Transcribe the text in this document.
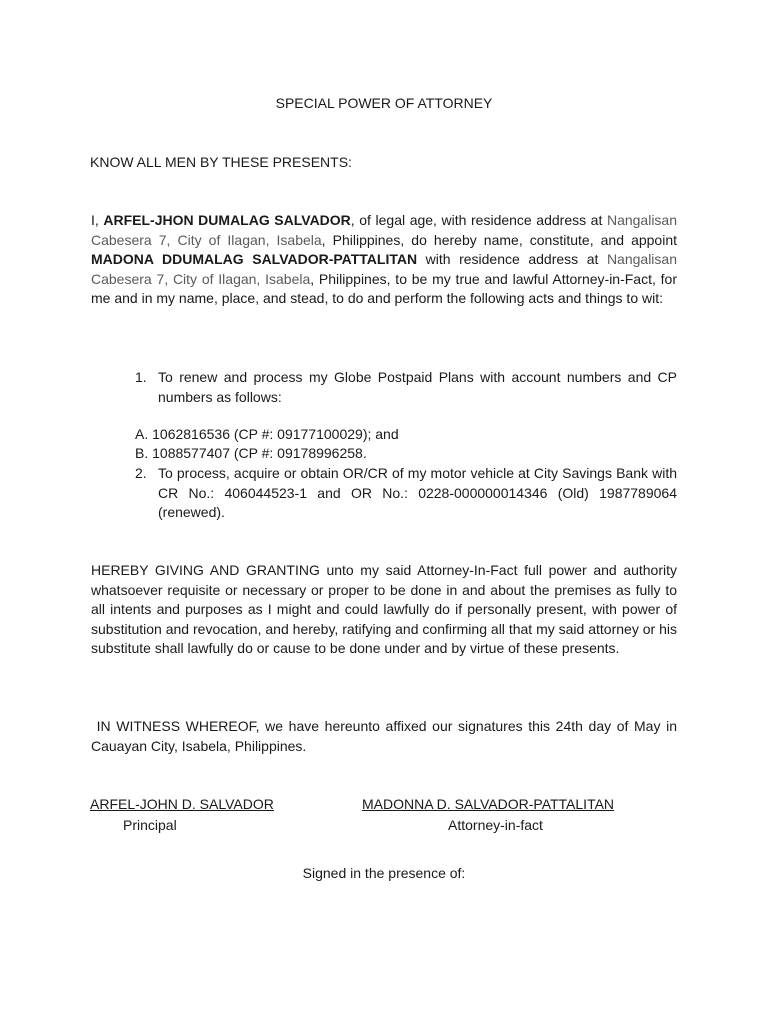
SPECIAL POWER OF ATTORNEY

KNOW ALL MEN BY THESE PRESENTS:

I, ARFEL-JHON DUMALAG SALVADOR, of legal age, with residence address at Nangalisan Cabesera 7, City of Ilagan, Isabela, Philippines, do hereby name, constitute, and appoint MADONA DDUMALAG SALVADOR-PATTALITAN with residence address at Nangalisan Cabesera 7, City of Ilagan, Isabela, Philippines, to be my true and lawful Attorney-in-Fact, for me and in my name, place, and stead, to do and perform the following acts and things to wit:

1. To renew and process my Globe Postpaid Plans with account numbers and CP numbers as follows:

A. 1062816536 (CP #: 09177100029); and

B. 1088577407 (CP #: 09178996258.

2. To process, acquire or obtain OR/CR of my motor vehicle at City Savings Bank with CR No.: 406044523-1 and OR No.: 0228-000000014346 (Old) 1987789064 (renewed).

HEREBY GIVING AND GRANTING unto my said Attorney-In-Fact full power and authority whatsoever requisite or necessary or proper to be done in and about the premises as fully to all intents and purposes as I might and could lawfully do if personally present, with power of substitution and revocation, and hereby, ratifying and confirming all that my said attorney or his substitute shall lawfully do or cause to be done under and by virtue of these presents.

IN WITNESS WHEREOF, we have hereunto affixed our signatures this 24th day of May in Cauayan City, Isabela, Philippines.

ARFEL-JOHN D. SALVADOR	MADONNA D. SALVADOR-PATTALITAN

Principal	Attorney-in-fact

Signed in the presence of:
